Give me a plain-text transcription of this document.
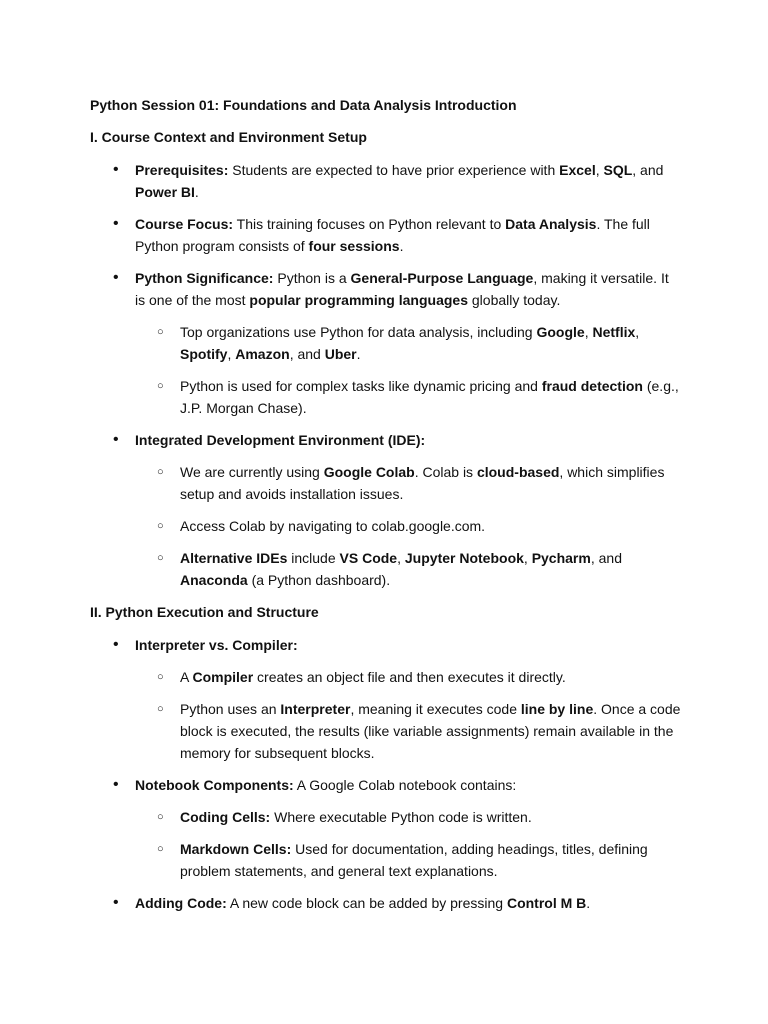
Python Session 01: Foundations and Data Analysis Introduction
I. Course Context and Environment Setup
• Prerequisites: Students are expected to have prior experience with Excel, SQL, and Power BI.
• Course Focus: This training focuses on Python relevant to Data Analysis. The full Python program consists of four sessions.
• Python Significance: Python is a General-Purpose Language, making it versatile. It is one of the most popular programming languages globally today.
○ Top organizations use Python for data analysis, including Google, Netflix, Spotify, Amazon, and Uber.
○ Python is used for complex tasks like dynamic pricing and fraud detection (e.g., J.P. Morgan Chase).
• Integrated Development Environment (IDE):
○ We are currently using Google Colab. Colab is cloud-based, which simplifies setup and avoids installation issues.
○ Access Colab by navigating to colab.google.com.
○ Alternative IDEs include VS Code, Jupyter Notebook, Pycharm, and Anaconda (a Python dashboard).
II. Python Execution and Structure
• Interpreter vs. Compiler:
○ A Compiler creates an object file and then executes it directly.
○ Python uses an Interpreter, meaning it executes code line by line. Once a code block is executed, the results (like variable assignments) remain available in the memory for subsequent blocks.
• Notebook Components: A Google Colab notebook contains:
○ Coding Cells: Where executable Python code is written.
○ Markdown Cells: Used for documentation, adding headings, titles, defining problem statements, and general text explanations.
• Adding Code: A new code block can be added by pressing Control M B.
